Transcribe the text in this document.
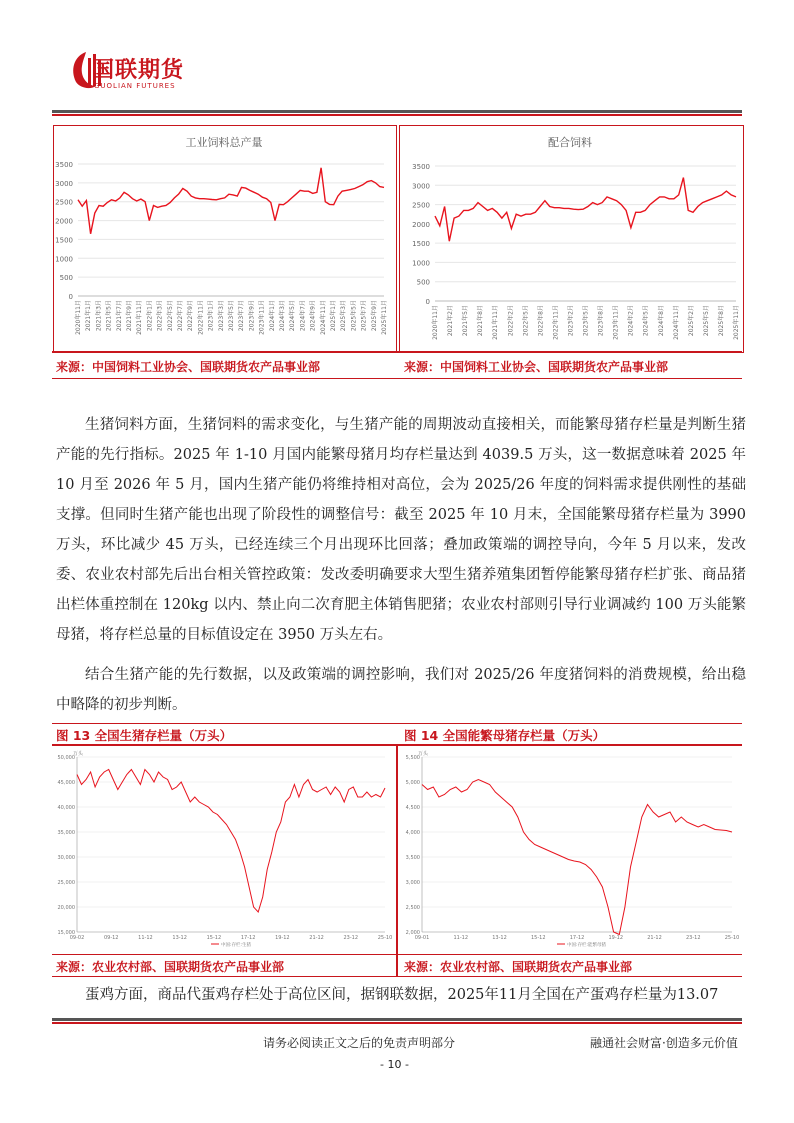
国联期货
GUOLIAN FUTURES
工业饲料总产量
0
500
1000
1500
2000
2500
3000
3500
2020年11月 2021年1月 2021年3月 2021年5月 2021年7月 2021年9月 2021年11月 2022年1月 2022年3月 2022年5月 2022年7月 2022年9月 2022年11月 2023年1月 2023年3月 2023年5月 2023年7月 2023年9月 2023年11月 2024年1月 2024年3月 2024年5月 2024年7月 2024年9月 2024年11月 2025年1月 2025年3月 2025年5月 2025年7月 2025年9月 2025年11月
配合饲料
0
500
1000
1500
2000
2500
3000
3500
2020年11月 2021年2月 2021年5月 2021年8月 2021年11月 2022年2月 2022年5月 2022年8月 2022年11月 2023年2月 2023年5月 2023年8月 2023年11月 2024年2月 2024年5月 2024年8月 2024年11月 2025年2月 2025年5月 2025年8月 2025年11月
来源：中国饲料工业协会、国联期货农产品事业部	来源：中国饲料工业协会、国联期货农产品事业部
生猪饲料方面，生猪饲料的需求变化，与生猪产能的周期波动直接相关，而能繁母猪存栏量是判断生猪产能的先行指标。2025 年 1-10 月国内能繁母猪月均存栏量达到 4039.5 万头，这一数据意味着 2025 年 10 月至 2026 年 5 月，国内生猪产能仍将维持相对高位，会为 2025/26 年度的饲料需求提供刚性的基础支撑。但同时生猪产能也出现了阶段性的调整信号：截至 2025 年 10 月末，全国能繁母猪存栏量为 3990 万头，环比减少 45 万头，已经连续三个月出现环比回落；叠加政策端的调控导向，今年 5 月以来，发改委、农业农村部先后出台相关管控政策：发改委明确要求大型生猪养殖集团暂停能繁母猪存栏扩张、商品猪出栏体重控制在 120kg 以内、禁止向二次育肥主体销售肥猪；农业农村部则引导行业调减约 100 万头能繁母猪，将存栏总量的目标值设定在 3950 万头左右。
结合生猪产能的先行数据，以及政策端的调控影响，我们对 2025/26 年度猪饲料的消费规模，给出稳中略降的初步判断。
图 13 全国生猪存栏量（万头）	图 14 全国能繁母猪存栏量（万头）
万头
15,000
20,000
25,000
30,000
35,000
40,000
45,000
50,000
09-02	09-12	11-12	13-12	15-12	17-12	19-12	21-12	23-12	25-10
中国:存栏:生猪
万头
2,000
2,500
3,000
3,500
4,000
4,500
5,000
5,500
09-01	11-12	13-12	15-12	17-12	19-12	21-12	23-12	25-10
中国:存栏:能繁母猪
来源：农业农村部、国联期货农产品事业部	来源：农业农村部、国联期货农产品事业部
蛋鸡方面，商品代蛋鸡存栏处于高位区间，据钢联数据，2025年11月全国在产蛋鸡存栏量为13.07
请务必阅读正文之后的免责声明部分	融通社会财富·创造多元价值
- 10 -
